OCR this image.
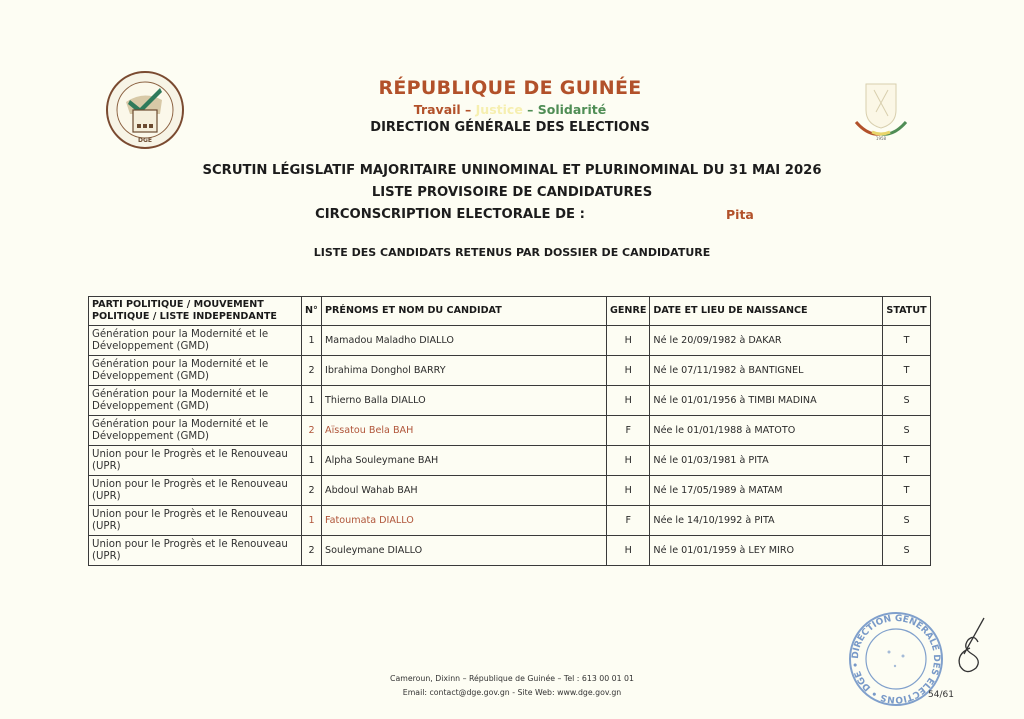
DGE
RÉPUBLIQUE DE GUINÉE
Travail – Justice – Solidarité
DIRECTION GÉNÉRALE DES ELECTIONS
1958
SCRUTIN LÉGISLATIF MAJORITAIRE UNINOMINAL ET PLURINOMINAL DU 31 MAI 2026
LISTE PROVISOIRE DE CANDIDATURES
CIRCONSCRIPTION ELECTORALE DE :	Pita
LISTE DES CANDIDATS RETENUS PAR DOSSIER DE CANDIDATURE
PARTI POLITIQUE / MOUVEMENT POLITIQUE / LISTE INDEPENDANTE	N°	PRÉNOMS ET NOM DU CANDIDAT	GENRE	DATE ET LIEU DE NAISSANCE	STATUT
Génération pour la Modernité et le Développement (GMD)	1	Mamadou Maladho DIALLO	H	Né le 20/09/1982 à DAKAR	T
Génération pour la Modernité et le Développement (GMD)	2	Ibrahima Donghol BARRY	H	Né le 07/11/1982 à BANTIGNEL	T
Génération pour la Modernité et le Développement (GMD)	1	Thierno Balla DIALLO	H	Né le 01/01/1956 à TIMBI MADINA	S
Génération pour la Modernité et le Développement (GMD)	2	Aïssatou Bela BAH	F	Née le 01/01/1988 à MATOTO	S
Union pour le Progrès et le Renouveau (UPR)	1	Alpha Souleymane BAH	H	Né le 01/03/1981 à PITA	T
Union pour le Progrès et le Renouveau (UPR)	2	Abdoul Wahab BAH	H	Né le 17/05/1989 à MATAM	T
Union pour le Progrès et le Renouveau (UPR)	1	Fatoumata DIALLO	F	Née le 14/10/1992 à PITA	S
Union pour le Progrès et le Renouveau (UPR)	2	Souleymane DIALLO	H	Né le 01/01/1959 à LEY MIRO	S
Cameroun, Dixinn – République de Guinée – Tel : 613 00 01 01
Email: contact@dge.gov.gn - Site Web: www.dge.gov.gn
DIRECTION GENERALE DES ELECTIONS • DGE •
54/61
